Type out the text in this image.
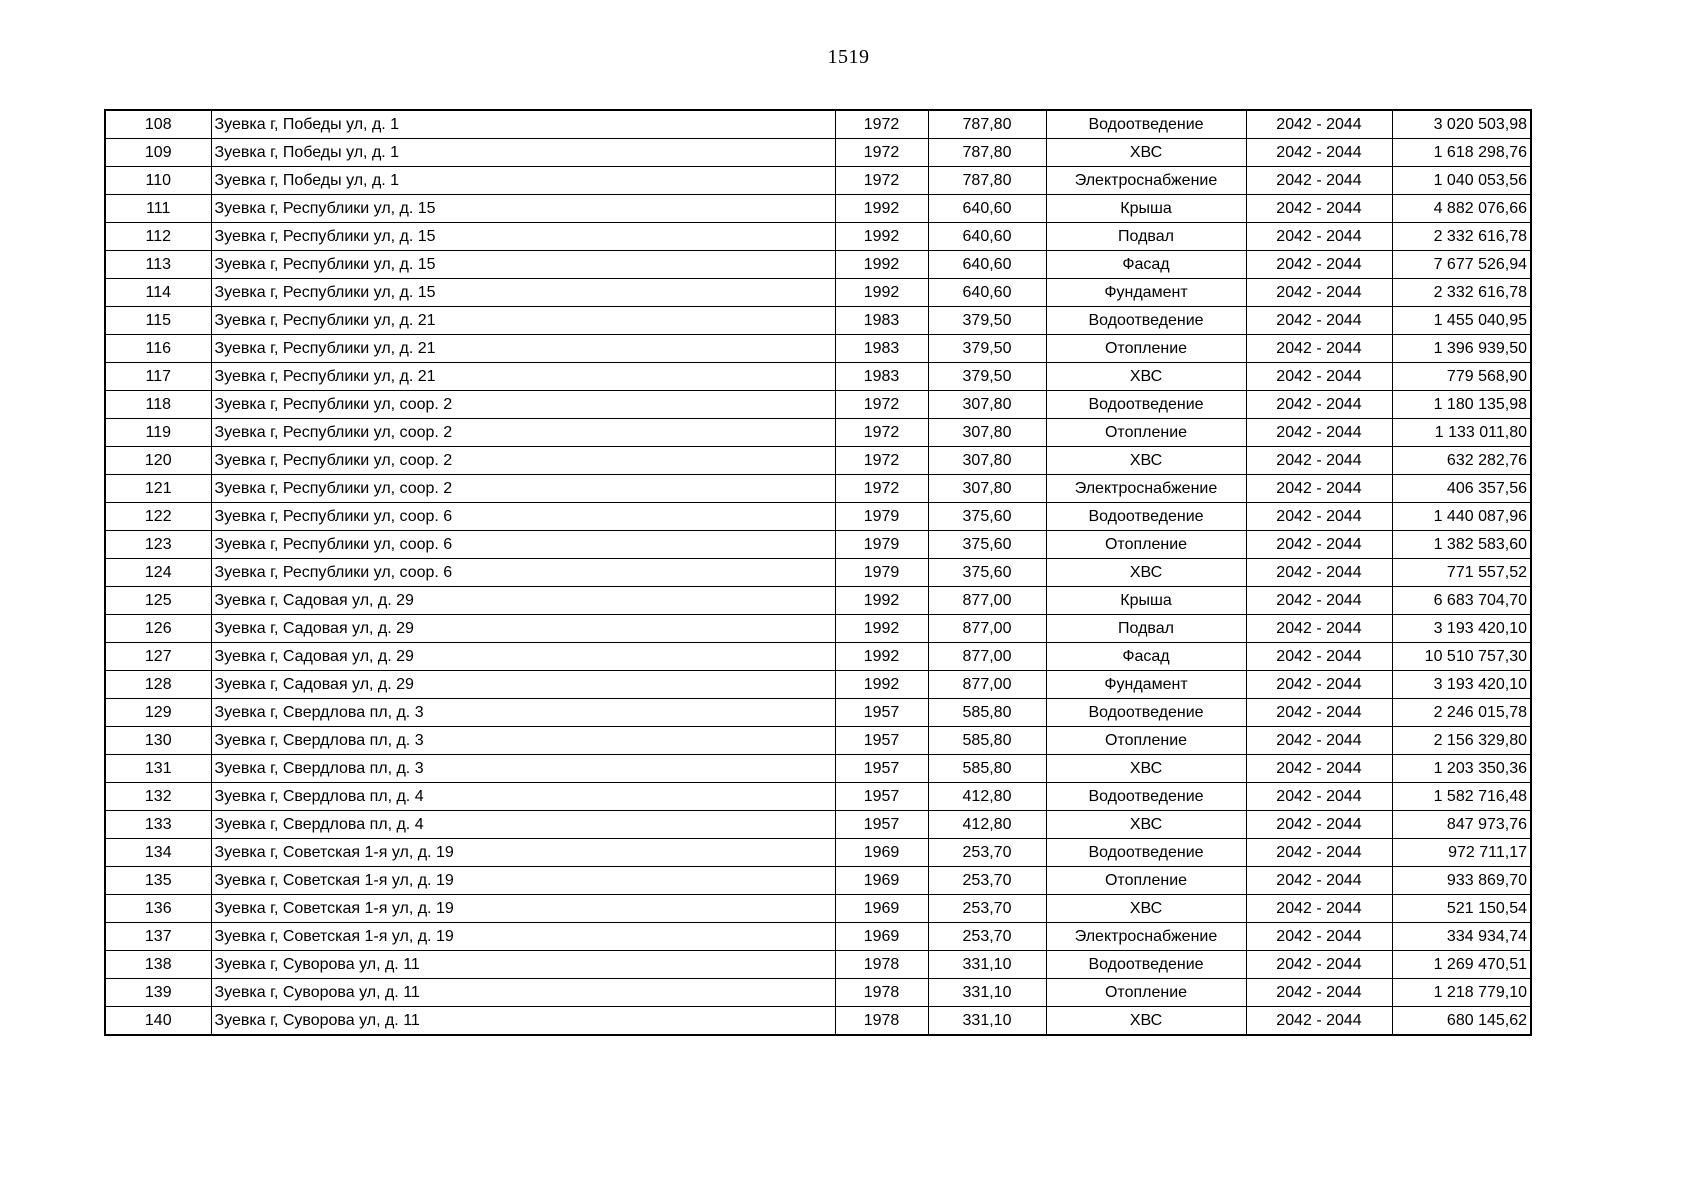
1519
108	Зуевка г, Победы ул, д. 1	1972	787,80	Водоотведение	2042 - 2044	3 020 503,98
109	Зуевка г, Победы ул, д. 1	1972	787,80	ХВС	2042 - 2044	1 618 298,76
110	Зуевка г, Победы ул, д. 1	1972	787,80	Электроснабжение	2042 - 2044	1 040 053,56
111	Зуевка г, Республики ул, д. 15	1992	640,60	Крыша	2042 - 2044	4 882 076,66
112	Зуевка г, Республики ул, д. 15	1992	640,60	Подвал	2042 - 2044	2 332 616,78
113	Зуевка г, Республики ул, д. 15	1992	640,60	Фасад	2042 - 2044	7 677 526,94
114	Зуевка г, Республики ул, д. 15	1992	640,60	Фундамент	2042 - 2044	2 332 616,78
115	Зуевка г, Республики ул, д. 21	1983	379,50	Водоотведение	2042 - 2044	1 455 040,95
116	Зуевка г, Республики ул, д. 21	1983	379,50	Отопление	2042 - 2044	1 396 939,50
117	Зуевка г, Республики ул, д. 21	1983	379,50	ХВС	2042 - 2044	779 568,90
118	Зуевка г, Республики ул, соор. 2	1972	307,80	Водоотведение	2042 - 2044	1 180 135,98
119	Зуевка г, Республики ул, соор. 2	1972	307,80	Отопление	2042 - 2044	1 133 011,80
120	Зуевка г, Республики ул, соор. 2	1972	307,80	ХВС	2042 - 2044	632 282,76
121	Зуевка г, Республики ул, соор. 2	1972	307,80	Электроснабжение	2042 - 2044	406 357,56
122	Зуевка г, Республики ул, соор. 6	1979	375,60	Водоотведение	2042 - 2044	1 440 087,96
123	Зуевка г, Республики ул, соор. 6	1979	375,60	Отопление	2042 - 2044	1 382 583,60
124	Зуевка г, Республики ул, соор. 6	1979	375,60	ХВС	2042 - 2044	771 557,52
125	Зуевка г, Садовая ул, д. 29	1992	877,00	Крыша	2042 - 2044	6 683 704,70
126	Зуевка г, Садовая ул, д. 29	1992	877,00	Подвал	2042 - 2044	3 193 420,10
127	Зуевка г, Садовая ул, д. 29	1992	877,00	Фасад	2042 - 2044	10 510 757,30
128	Зуевка г, Садовая ул, д. 29	1992	877,00	Фундамент	2042 - 2044	3 193 420,10
129	Зуевка г, Свердлова пл, д. 3	1957	585,80	Водоотведение	2042 - 2044	2 246 015,78
130	Зуевка г, Свердлова пл, д. 3	1957	585,80	Отопление	2042 - 2044	2 156 329,80
131	Зуевка г, Свердлова пл, д. 3	1957	585,80	ХВС	2042 - 2044	1 203 350,36
132	Зуевка г, Свердлова пл, д. 4	1957	412,80	Водоотведение	2042 - 2044	1 582 716,48
133	Зуевка г, Свердлова пл, д. 4	1957	412,80	ХВС	2042 - 2044	847 973,76
134	Зуевка г, Советская 1-я ул, д. 19	1969	253,70	Водоотведение	2042 - 2044	972 711,17
135	Зуевка г, Советская 1-я ул, д. 19	1969	253,70	Отопление	2042 - 2044	933 869,70
136	Зуевка г, Советская 1-я ул, д. 19	1969	253,70	ХВС	2042 - 2044	521 150,54
137	Зуевка г, Советская 1-я ул, д. 19	1969	253,70	Электроснабжение	2042 - 2044	334 934,74
138	Зуевка г, Суворова ул, д. 11	1978	331,10	Водоотведение	2042 - 2044	1 269 470,51
139	Зуевка г, Суворова ул, д. 11	1978	331,10	Отопление	2042 - 2044	1 218 779,10
140	Зуевка г, Суворова ул, д. 11	1978	331,10	ХВС	2042 - 2044	680 145,62
